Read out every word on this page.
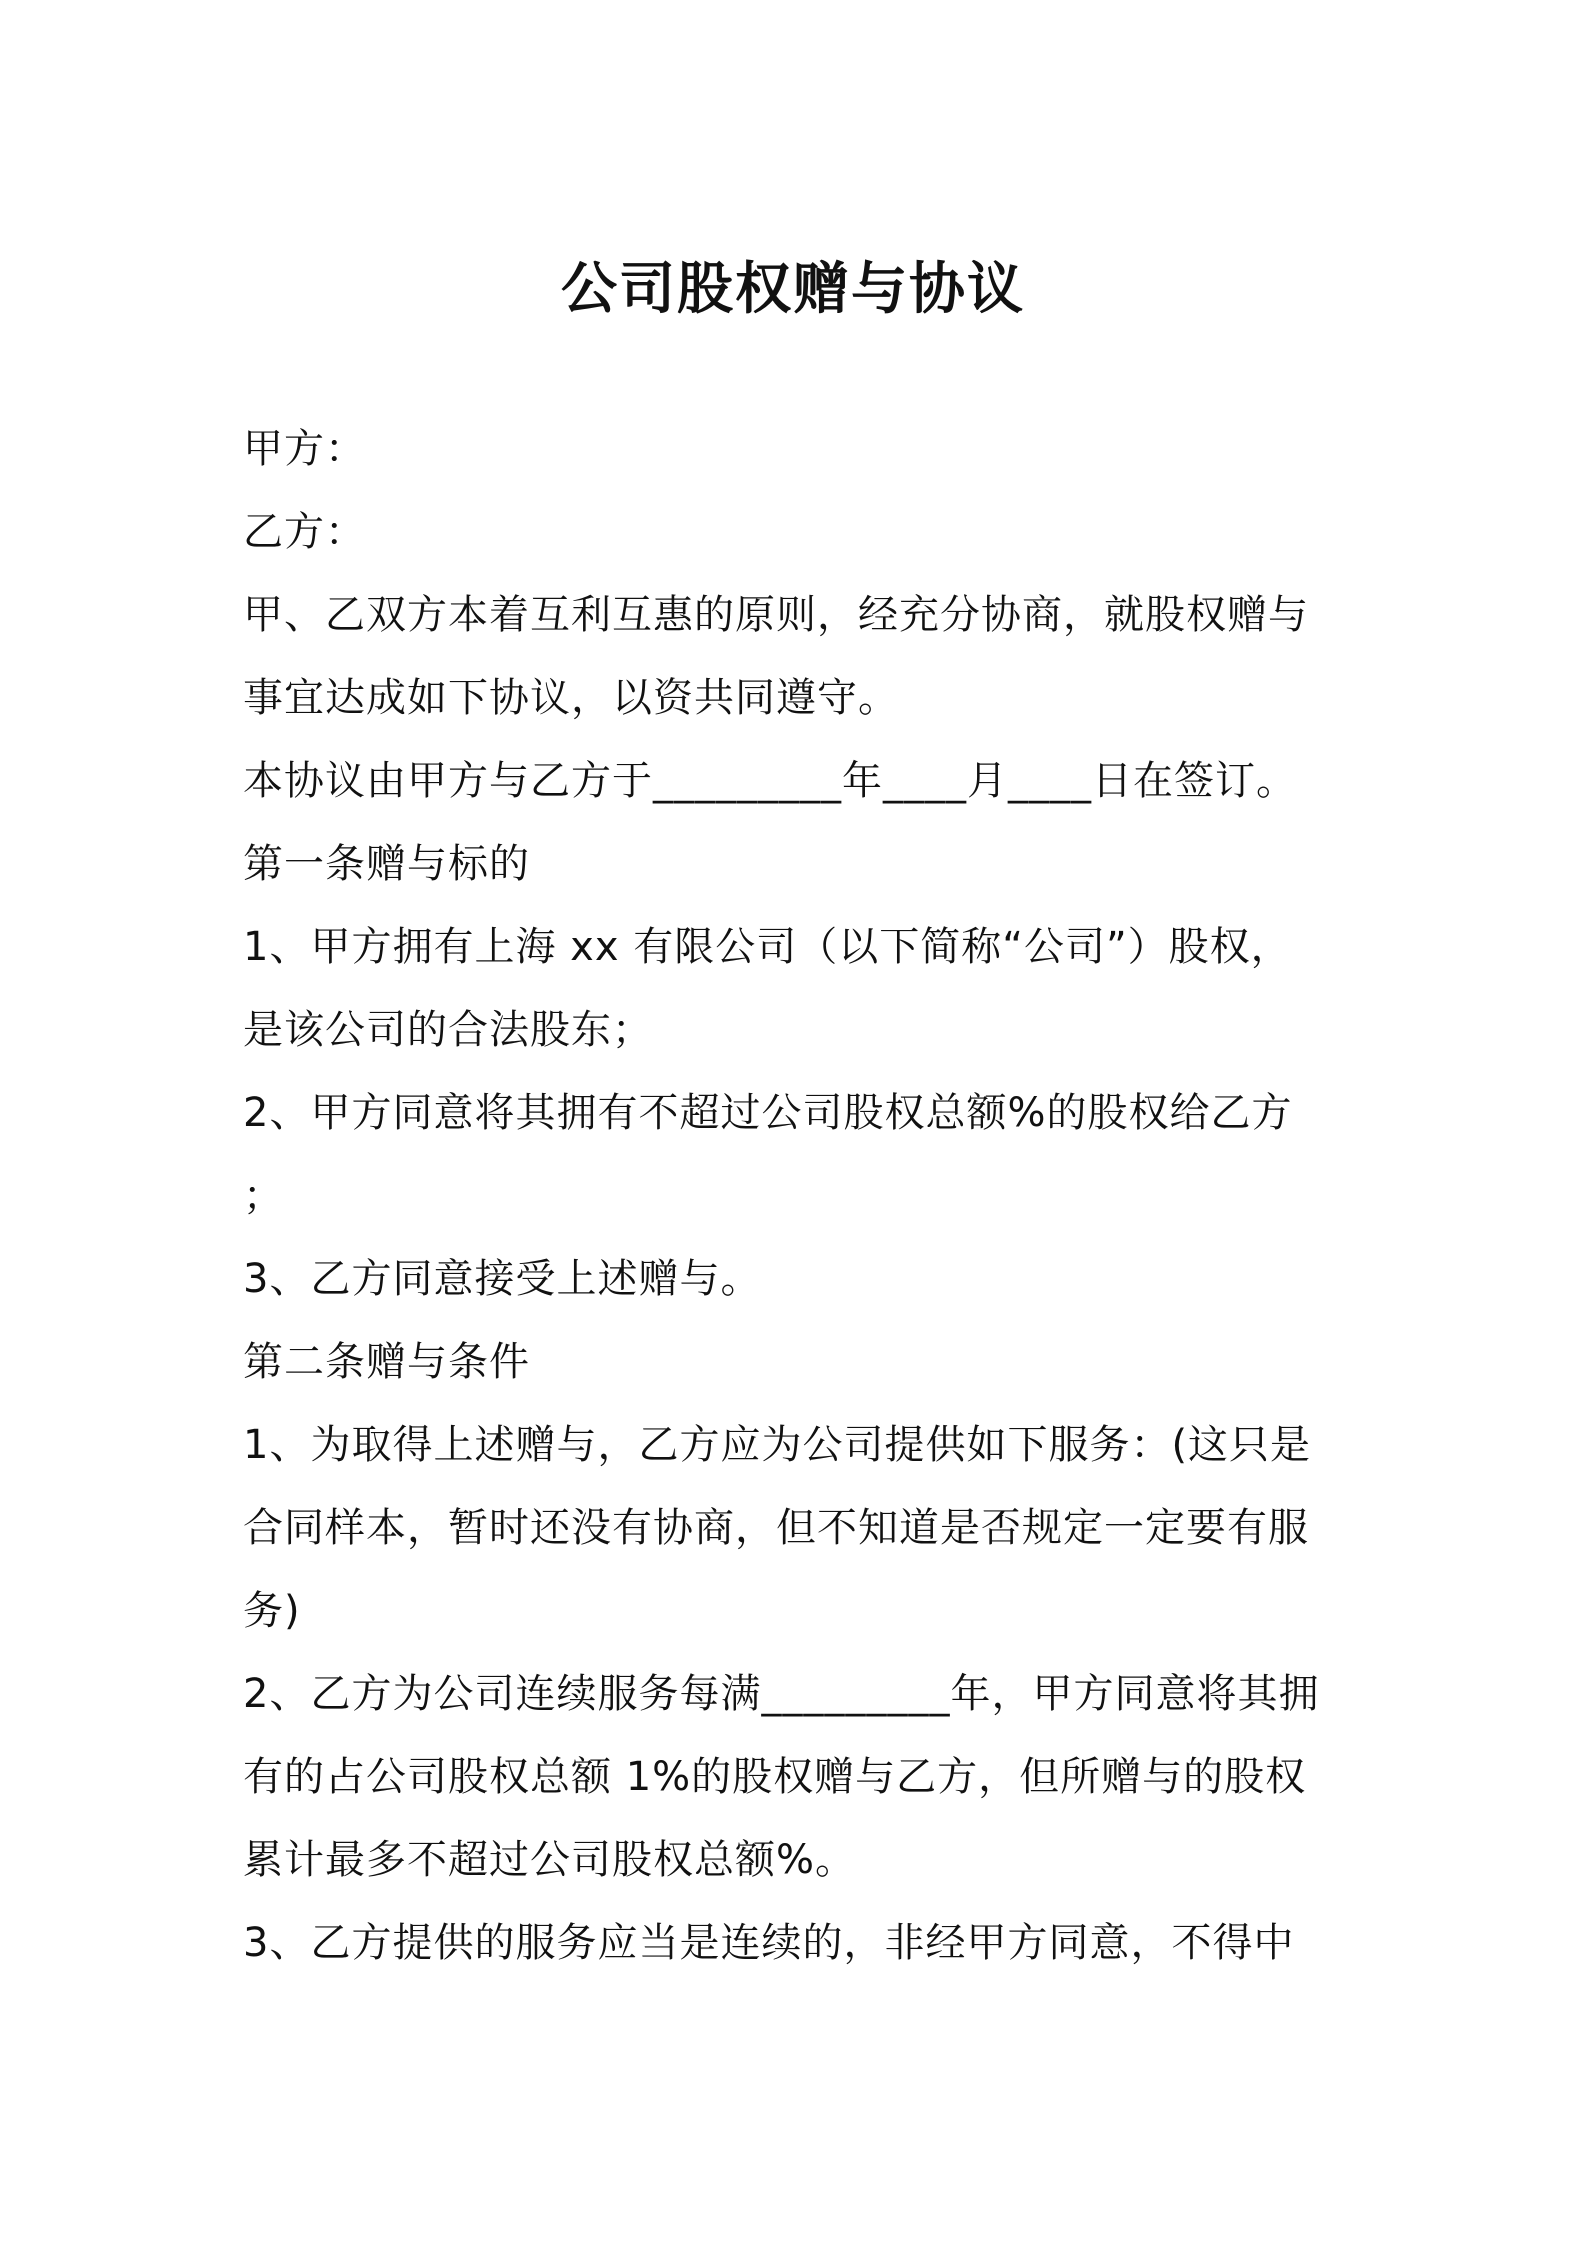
公司股权赠与协议

甲方：

乙方：

甲、乙双方本着互利互惠的原则，经充分协商，就股权赠与

事宜达成如下协议，以资共同遵守。

本协议由甲方与乙方于_________年____月____日在签订。

第一条赠与标的

1、甲方拥有上海 xx 有限公司（以下简称“公司”）股权，

是该公司的合法股东；

2、甲方同意将其拥有不超过公司股权总额%的股权给乙方

；

3、乙方同意接受上述赠与。

第二条赠与条件

1、为取得上述赠与，乙方应为公司提供如下服务：(这只是

合同样本，暂时还没有协商，但不知道是否规定一定要有服

务)

2、乙方为公司连续服务每满_________年，甲方同意将其拥

有的占公司股权总额 1%的股权赠与乙方，但所赠与的股权

累计最多不超过公司股权总额%。

3、乙方提供的服务应当是连续的，非经甲方同意，不得中
